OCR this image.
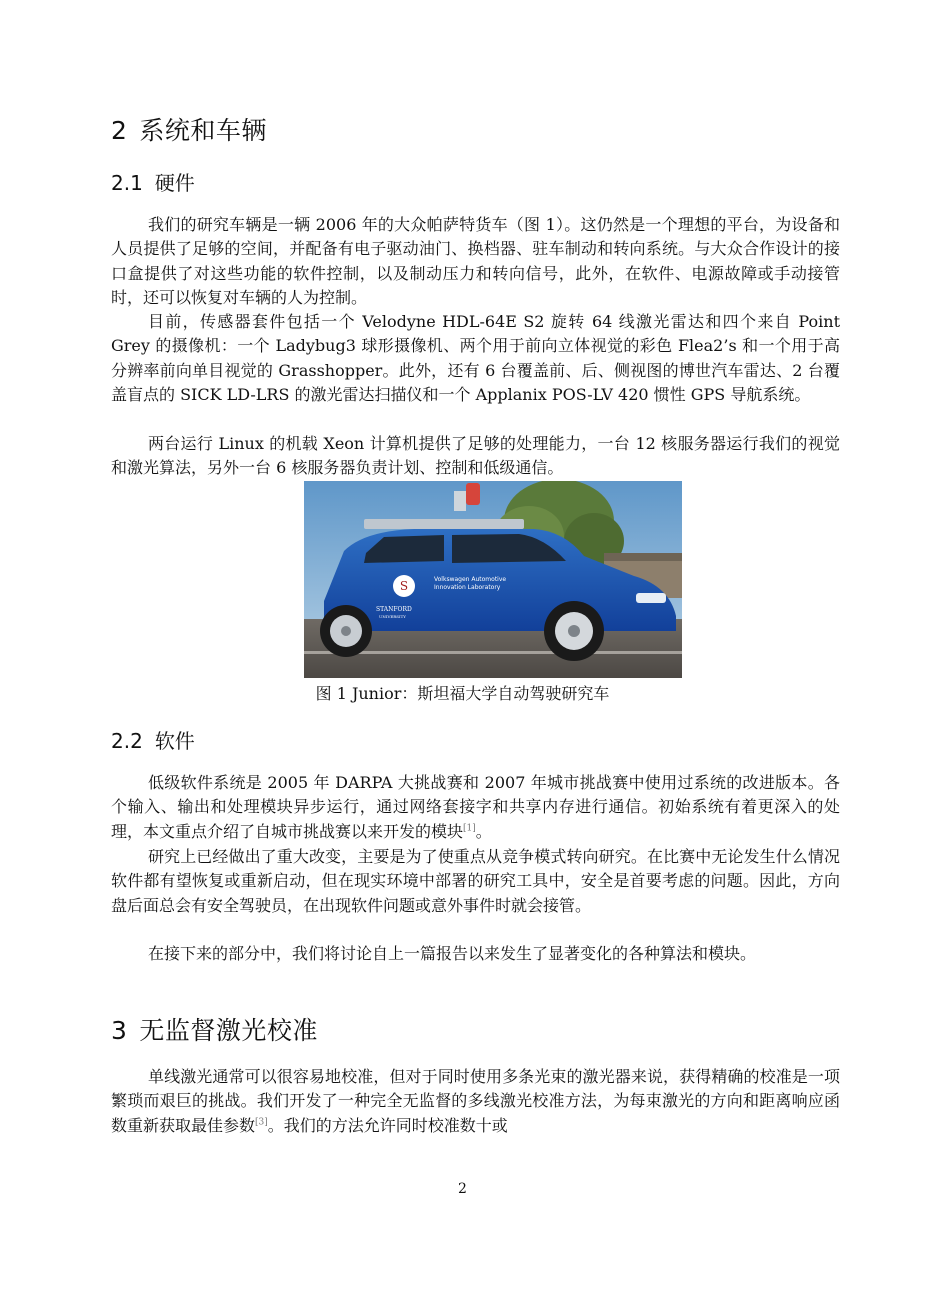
2 系统和车辆
2.1 硬件

我们的研究车辆是一辆 2006 年的大众帕萨特货车（图 1）。这仍然是一个理想的平台，为设备和人员提供了足够的空间，并配备有电子驱动油门、换档器、驻车制动和转向系统。与大众合作设计的接口盒提供了对这些功能的软件控制，以及制动压力和转向信号，此外，在软件、电源故障或手动接管时，还可以恢复对车辆的人为控制。

目前，传感器套件包括一个 Velodyne HDL-64E S2 旋转 64 线激光雷达和四个来自 Point Grey 的摄像机：一个 Ladybug3 球形摄像机、两个用于前向立体视觉的彩色 Flea2’s 和一个用于高分辨率前向单目视觉的 Grasshopper。此外，还有 6 台覆盖前、后、侧视图的博世汽车雷达、2 台覆盖盲点的 SICK LD-LRS 的激光雷达扫描仪和一个 Applanix POS-LV 420 惯性 GPS 导航系统。

两台运行 Linux 的机载 Xeon 计算机提供了足够的处理能力，一台 12 核服务器运行我们的视觉和激光算法，另外一台 6 核服务器负责计划、控制和低级通信。

S	Volkswagen Automotive
Innovation Laboratory
STANFORD
UNIVERSITY

图 1 Junior：斯坦福大学自动驾驶研究车

2.2 软件

低级软件系统是 2005 年 DARPA 大挑战赛和 2007 年城市挑战赛中使用过系统的改进版本。各个输入、输出和处理模块异步运行，通过网络套接字和共享内存进行通信。初始系统有着更深入的处理，本文重点介绍了自城市挑战赛以来开发的模块[1]。

研究上已经做出了重大改变，主要是为了使重点从竞争模式转向研究。在比赛中无论发生什么情况软件都有望恢复或重新启动，但在现实环境中部署的研究工具中，安全是首要考虑的问题。因此，方向盘后面总会有安全驾驶员，在出现软件问题或意外事件时就会接管。

在接下来的部分中，我们将讨论自上一篇报告以来发生了显著变化的各种算法和模块。

3 无监督激光校准

单线激光通常可以很容易地校准，但对于同时使用多条光束的激光器来说，获得精确的校准是一项繁琐而艰巨的挑战。我们开发了一种完全无监督的多线激光校准方法，为每束激光的方向和距离响应函数重新获取最佳参数[3]。我们的方法允许同时校准数十或

2
